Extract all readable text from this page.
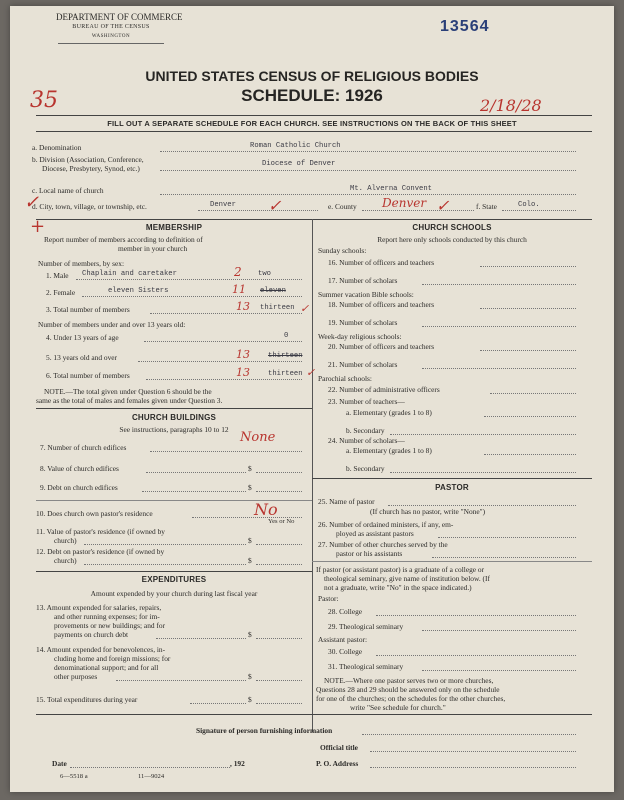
DEPARTMENT OF COMMERCE
BUREAU OF THE CENSUS
WASHINGTON
13564
UNITED STATES CENSUS OF RELIGIOUS BODIES
SCHEDULE: 1926
35	2/18/28
FILL OUT A SEPARATE SCHEDULE FOR EACH CHURCH. SEE INSTRUCTIONS ON THE BACK OF THIS SHEET
a. Denomination	Roman Catholic Church
b. Division (Association, Conference,
Diocese, Presbytery, Synod, etc.)	Diocese of Denver
c. Local name of church	Mt. Alverna Convent
✓
d. City, town, village, or township, etc.	Denver ✓	e. County Denver ✓	f. State	Colo.
+	MEMBERSHIP
Report number of members according to definition of
member in your church
Number of members, by sex:
1. Male Chaplain and caretaker	2 two
2. Female	eleven Sisters	11 eleven
3. Total number of members	13 thirteen ✓
Number of members under and over 13 years old:
4. Under 13 years of age	0
5. 13 years old and over	13	thirteen
6. Total number of members	13	thirteen ✓
NOTE.—The total given under Question 6 should be the
same as the total of males and females given under Question 3.
CHURCH BUILDINGS
See instructions, paragraphs 10 to 12
None
7. Number of church edifices
8. Value of church edifices	$
9. Debt on church edifices	$
10. Does church own pastor's residence	No
Yes or No
11. Value of pastor's residence (if owned by
church)	$
12. Debt on pastor's residence (if owned by
church)	$
EXPENDITURES
Amount expended by your church during last fiscal year
13. Amount expended for salaries, repairs,
and other running expenses; for im-
provements or new buildings; and for
payments on church debt	$
14. Amount expended for benevolences, in-
cluding home and foreign missions; for
denominational support; and for all
other purposes	$
15. Total expenditures during year	$
CHURCH SCHOOLS
Report here only schools conducted by this church
Sunday schools:
16. Number of officers and teachers
17. Number of scholars
Summer vacation Bible schools:
18. Number of officers and teachers
19. Number of scholars
Week-day religious schools:
20. Number of officers and teachers
21. Number of scholars
Parochial schools:
22. Number of administrative officers
23. Number of teachers—
a. Elementary (grades 1 to 8)
b. Secondary
24. Number of scholars—
a. Elementary (grades 1 to 8)
b. Secondary
PASTOR
25. Name of pastor
(If church has no pastor, write "None")
26. Number of ordained ministers, if any, em-
ployed as assistant pastors
27. Number of other churches served by the
pastor or his assistants
If pastor (or assistant pastor) is a graduate of a college or
theological seminary, give name of institution below. (If
not a graduate, write "No" in the space indicated.)
Pastor:
28. College
29. Theological seminary
Assistant pastor:
30. College
31. Theological seminary
NOTE.—Where one pastor serves two or more churches,
Questions 28 and 29 should be answered only on the schedule
for one of the churches; on the schedules for the other churches,
write "See schedule for church."
Signature of person furnishing information
Official title
Date	, 192	P. O. Address
6—5518 a	11—9024
